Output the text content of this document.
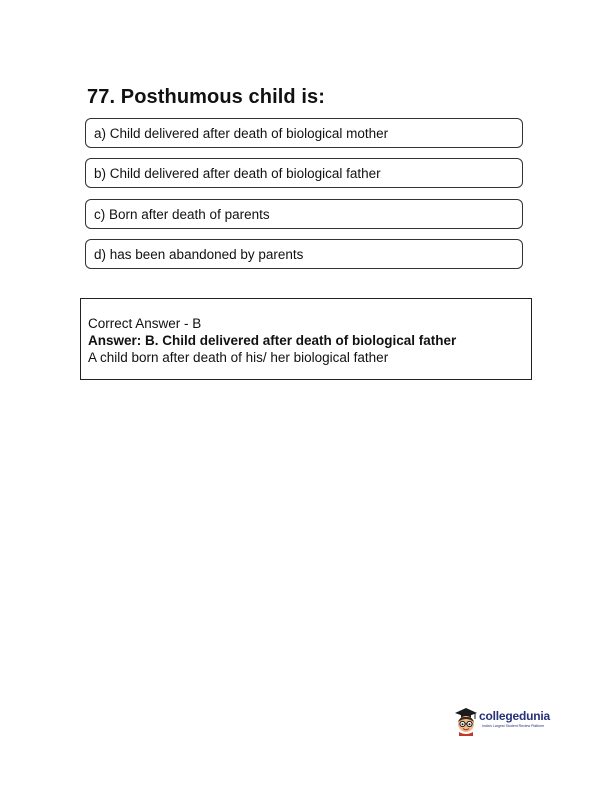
77. Posthumous child is:
a) Child delivered after death of biological mother
b) Child delivered after death of biological father
c) Born after death of parents
d) has been abandoned by parents
Correct Answer - B
Answer: B. Child delivered after death of biological father
A child born after death of his/ her biological father
collegedunia
India's Largest Student Review Platform
